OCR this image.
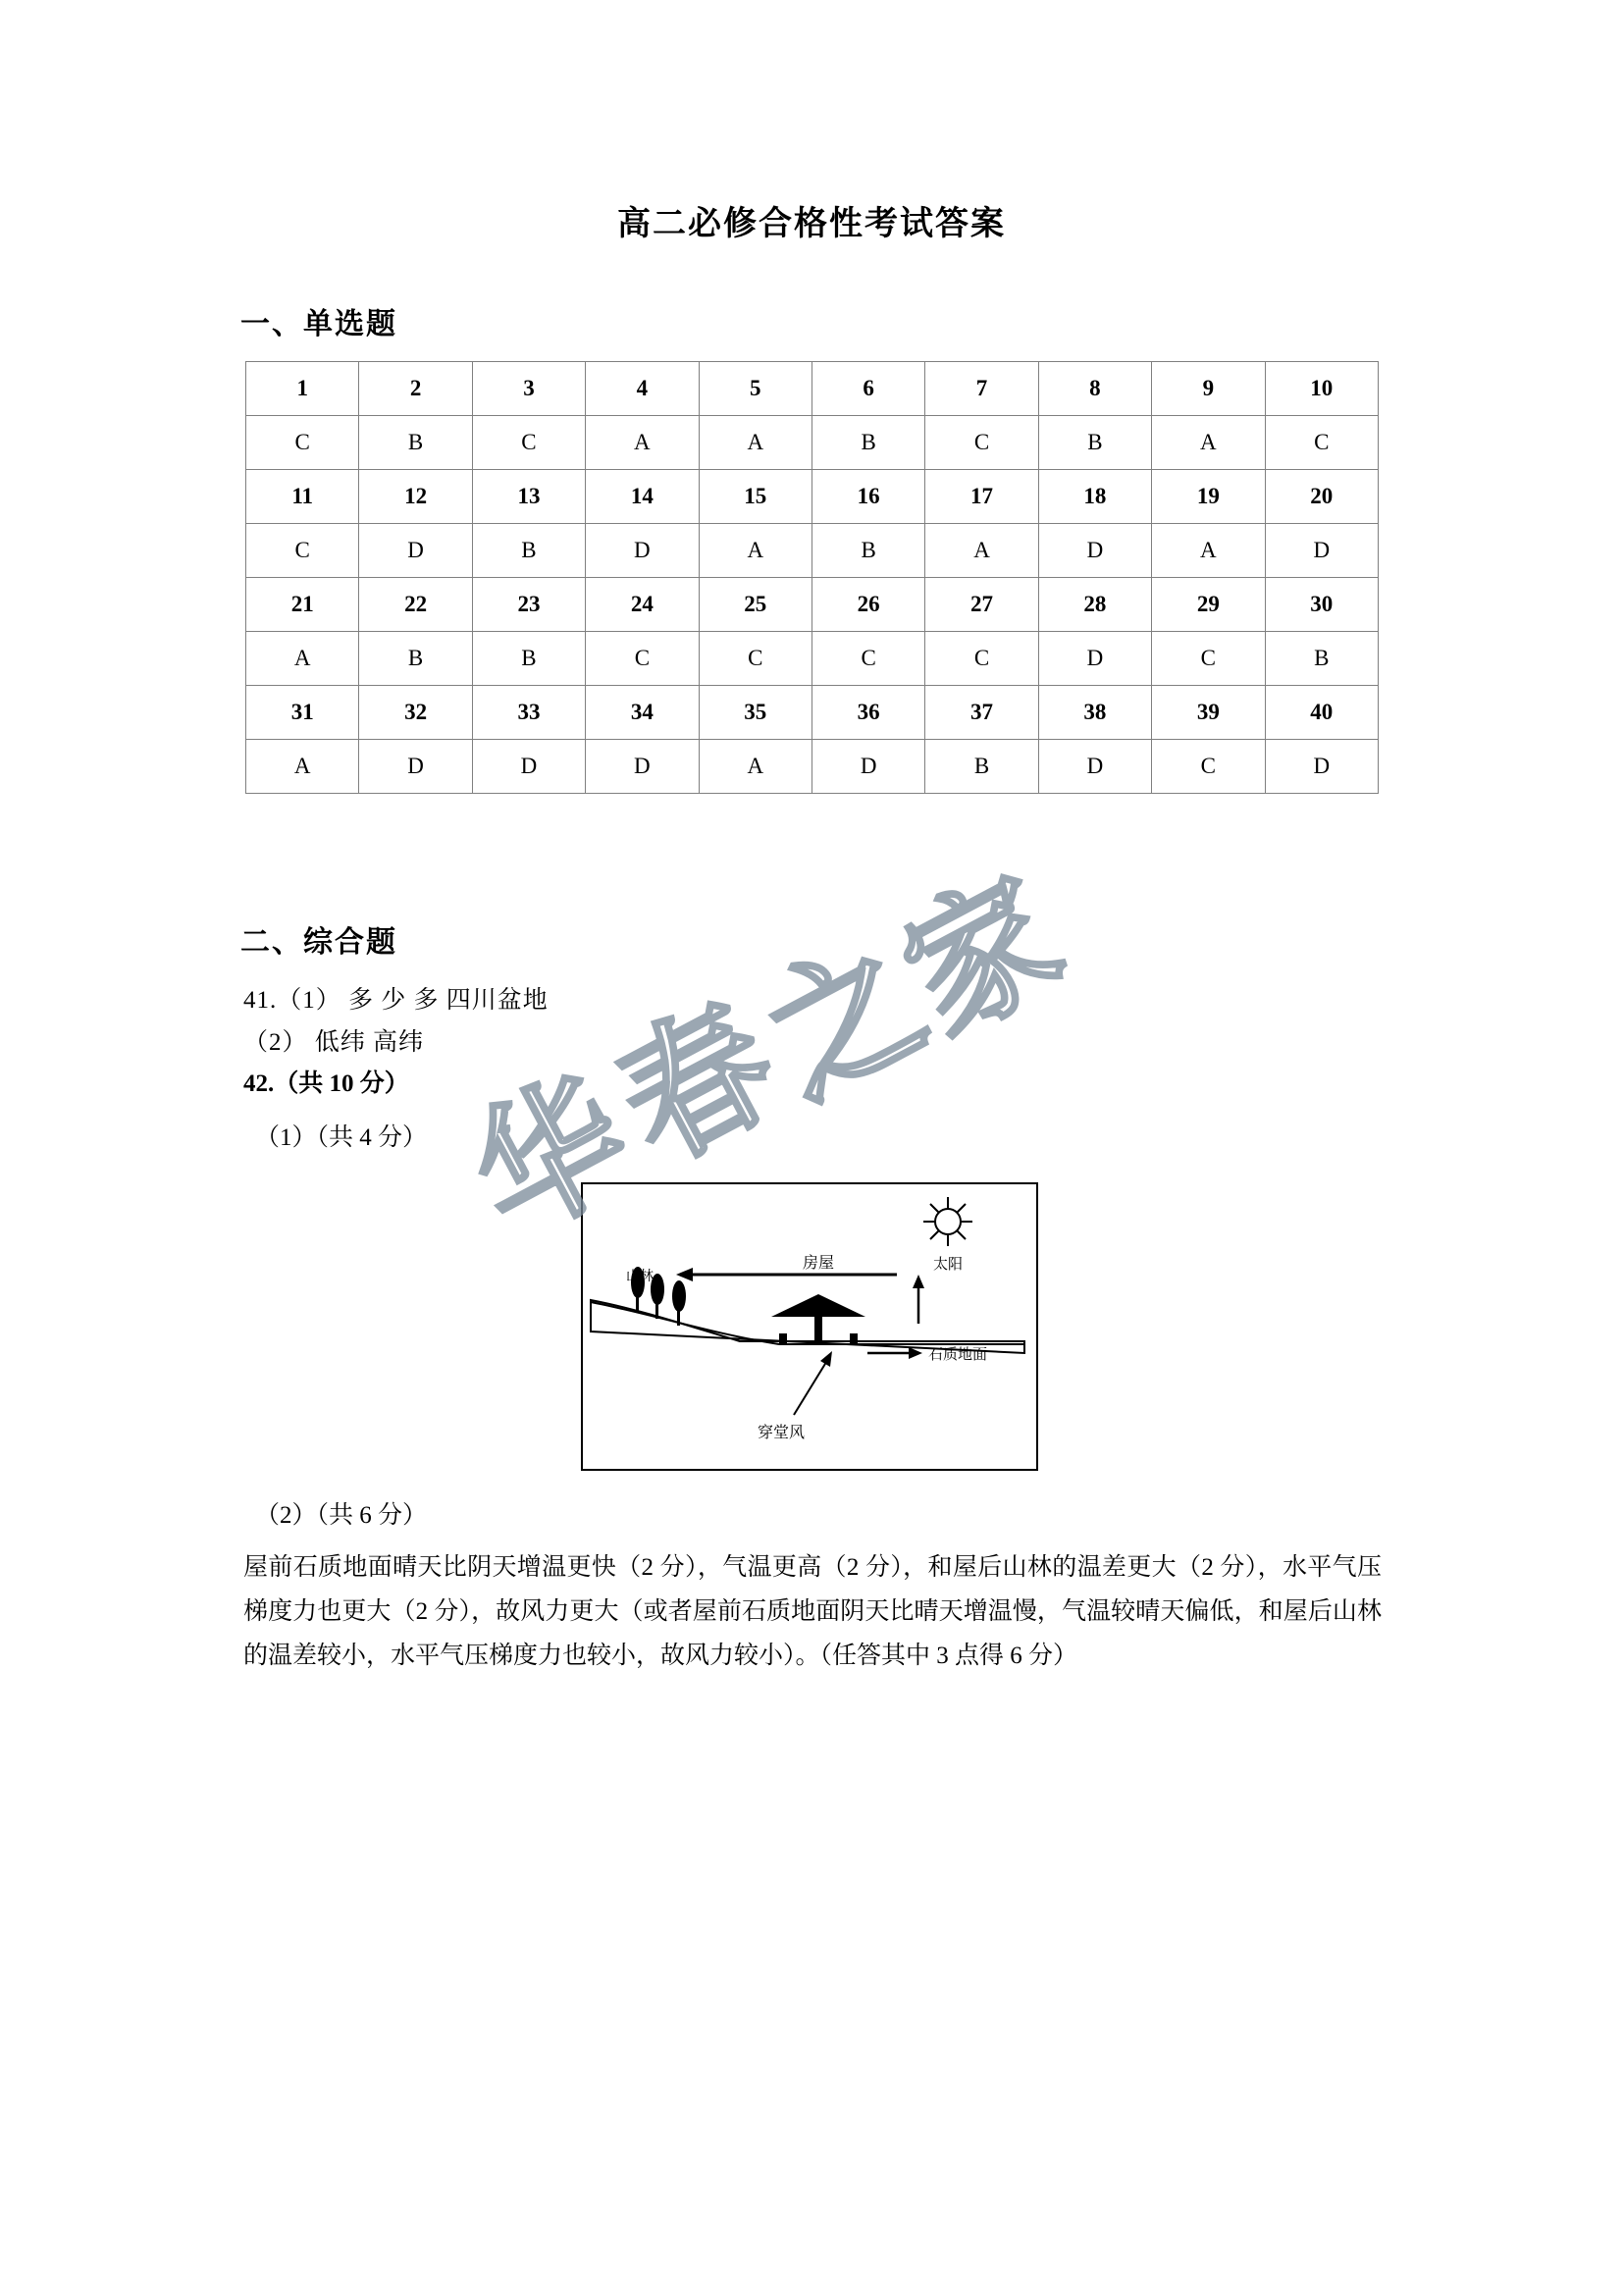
高二必修合格性考试答案
一、单选题
1	2	3	4	5	6	7	8	9	10
C	B	C	A	A	B	C	B	A	C
11	12	13	14	15	16	17	18	19	20
C	D	B	D	A	B	A	D	A	D
21	22	23	24	25	26	27	28	29	30
A	B	B	C	C	C	C	D	C	B
31	32	33	34	35	36	37	38	39	40
A	D	D	D	A	D	B	D	C	D
二、综合题
41.（1） 多 少 多 四川盆地
（2） 低纬 高纬
42.（共 10 分）
（1）（共 4 分）
太阳
房屋
山林
石质地面
穿堂风
（2）（共 6 分）
屋前石质地面晴天比阴天增温更快（2 分），气温更高（2 分），和屋后山林的温差更大（2 分），水平气压梯度力也更大（2 分），故风力更大（或者屋前石质地面阴天比晴天增温慢，气温较晴天偏低，和屋后山林的温差较小，水平气压梯度力也较小，故风力较小）。（任答其中 3 点得 6 分）
华
春
之
家
